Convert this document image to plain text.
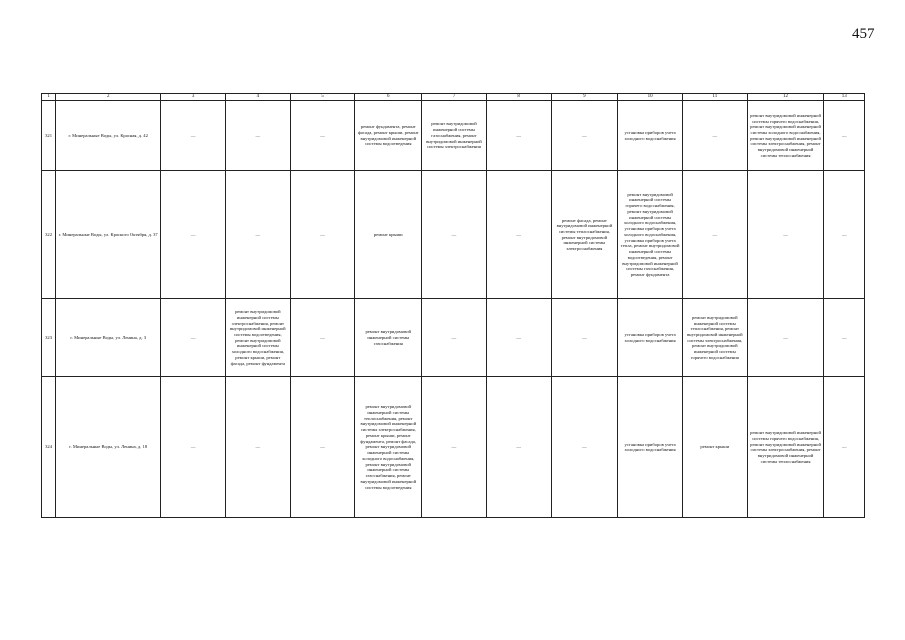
457
1	2	3	4	5	6	7	8	9	10	11	12	13
321	г. Минеральные Воды, ул. Красная, д. 42	—	—	—	ремонт фундамента, ремонт фасада, ремонт крыши, ремонт внутридомовой инженерной системы водоотведения	ремонт внутридомовой инженерной системы газоснабжения, ремонт внутридомовой инженерной системы электроснабжения	—	—	установка приборов учета холодного водоснабжения	—	ремонт внутридомовой инженерной системы горячего водоснабжения, ремонт внутридомовой инженерной системы холодного водоснабжения, ремонт внутридомовой инженерной системы электроснабжения, ремонт внутридомовой инженерной системы теплоснабжения	—
322	г. Минеральные Воды, ул. Красного Октября, д. 37	—	—	—	ремонт крыши	—	—	ремонт фасада, ремонт внутридомовой инженерной системы теплоснабжения, ремонт внутридомовой инженерной системы электроснабжения	ремонт внутридомовой инженерной системы горячего водоснабжения, ремонт внутридомовой инженерной системы холодного водоснабжения, установка приборов учета холодного водоснабжения, установка приборов учета тепла, ремонт внутридомовой инженерной системы водоотведения, ремонт внутридомовой инженерной системы газоснабжения, ремонт фундамента	—	—	—
323	г. Минеральные Воды, ул. Ленина, д. 3	—	ремонт внутридомовой инженерной системы электроснабжения, ремонт внутридомовой инженерной системы водоотведения, ремонт внутридомовой инженерной системы холодного водоснабжения, ремонт крыши, ремонт фасада, ремонт фундамента	—	ремонт внутридомовой инженерной системы газоснабжения	—	—	—	установка приборов учета холодного водоснабжения	ремонт внутридомовой инженерной системы теплоснабжения, ремонт внутридомовой инженерной системы электроснабжения, ремонт внутридомовой инженерной системы горячего водоснабжения	—	—
324	г. Минеральные Воды, ул. Ленина, д. 18	—	—	—	ремонт внутридомовой инженерной системы теплоснабжения, ремонт внутридомовой инженерной системы электроснабжения, ремонт крыши, ремонт фундамента, ремонт фасада, ремонт внутридомовой инженерной системы холодного водоснабжения, ремонт внутридомовой инженерной системы газоснабжения, ремонт внутридомовой инженерной системы водоотведения	—	—	—	установка приборов учета холодного водоснабжения	ремонт крыши	ремонт внутридомовой инженерной системы горячего водоснабжения, ремонт внутридомовой инженерной системы электроснабжения, ремонт внутридомовой инженерной системы теплоснабжения	—
